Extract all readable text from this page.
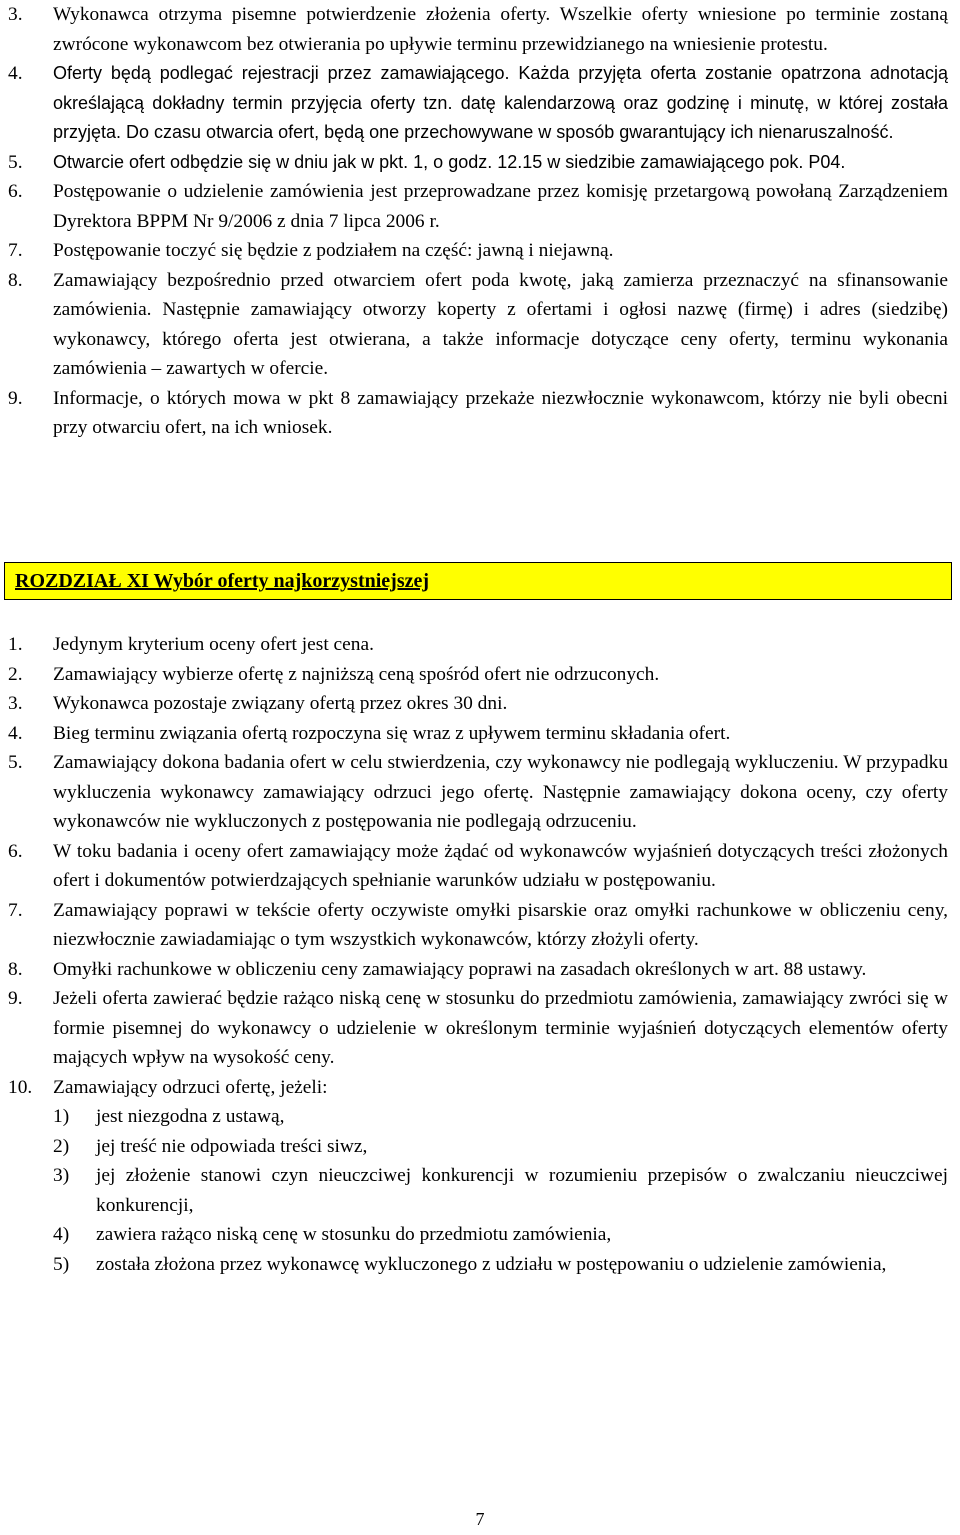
3.	Wykonawca otrzyma pisemne potwierdzenie złożenia oferty. Wszelkie oferty wniesione po terminie zostaną zwrócone wykonawcom bez otwierania po upływie terminu przewidzianego na wniesienie protestu.
4.	Oferty będą podlegać rejestracji przez zamawiającego. Każda przyjęta oferta zostanie opatrzona adnotacją określającą dokładny termin przyjęcia oferty tzn. datę kalendarzową oraz godzinę i minutę, w której została przyjęta. Do czasu otwarcia ofert, będą one przechowywane w sposób gwarantujący ich nienaruszalność.
5.	Otwarcie ofert odbędzie się w dniu jak w pkt. 1, o godz. 12.15 w siedzibie zamawiającego pok. P04.
6.	Postępowanie o udzielenie zamówienia jest przeprowadzane przez komisję przetargową powołaną Zarządzeniem Dyrektora BPPM Nr 9/2006 z dnia 7 lipca 2006 r.
7.	Postępowanie toczyć się będzie z podziałem na część: jawną i niejawną.
8.	Zamawiający bezpośrednio przed otwarciem ofert poda kwotę, jaką zamierza przeznaczyć na sfinansowanie zamówienia. Następnie zamawiający otworzy koperty z ofertami i ogłosi nazwę (firmę) i adres (siedzibę) wykonawcy, którego oferta jest otwierana, a także informacje dotyczące ceny oferty, terminu wykonania zamówienia – zawartych w ofercie.
9.	Informacje, o których mowa w pkt 8 zamawiający przekaże niezwłocznie wykonawcom, którzy nie byli obecni przy otwarciu ofert, na ich wniosek.
ROZDZIAŁ XI Wybór oferty najkorzystniejszej
1.	Jedynym kryterium oceny ofert jest cena.
2.	Zamawiający wybierze ofertę z najniższą ceną spośród ofert nie odrzuconych.
3.	Wykonawca pozostaje związany ofertą przez okres 30 dni.
4.	Bieg terminu związania ofertą rozpoczyna się wraz z upływem terminu składania ofert.
5.	Zamawiający dokona badania ofert w celu stwierdzenia, czy wykonawcy nie podlegają wykluczeniu. W przypadku wykluczenia wykonawcy zamawiający odrzuci jego ofertę. Następnie zamawiający dokona oceny, czy oferty wykonawców nie wykluczonych z postępowania nie podlegają odrzuceniu.
6.	W toku badania i oceny ofert zamawiający może żądać od wykonawców wyjaśnień dotyczących treści złożonych ofert i dokumentów potwierdzających spełnianie warunków udziału w postępowaniu.
7.	Zamawiający poprawi w tekście oferty oczywiste omyłki pisarskie oraz omyłki rachunkowe w obliczeniu ceny, niezwłocznie zawiadamiając o tym wszystkich wykonawców, którzy złożyli oferty.
8.	Omyłki rachunkowe w obliczeniu ceny zamawiający poprawi na zasadach określonych w art. 88 ustawy.
9.	Jeżeli oferta zawierać będzie rażąco niską cenę w stosunku do przedmiotu zamówienia, zamawiający zwróci się w formie pisemnej do wykonawcy o udzielenie w określonym terminie wyjaśnień dotyczących elementów oferty mających wpływ na wysokość ceny.
10.	Zamawiający odrzuci ofertę, jeżeli:
1)	jest niezgodna z ustawą,
2)	jej treść nie odpowiada treści siwz,
3)	jej złożenie stanowi czyn nieuczciwej konkurencji w rozumieniu przepisów o zwalczaniu nieuczciwej konkurencji,
4)	zawiera rażąco niską cenę w stosunku do przedmiotu zamówienia,
5)	została złożona przez wykonawcę wykluczonego z udziału w postępowaniu o udzielenie zamówienia,
7
